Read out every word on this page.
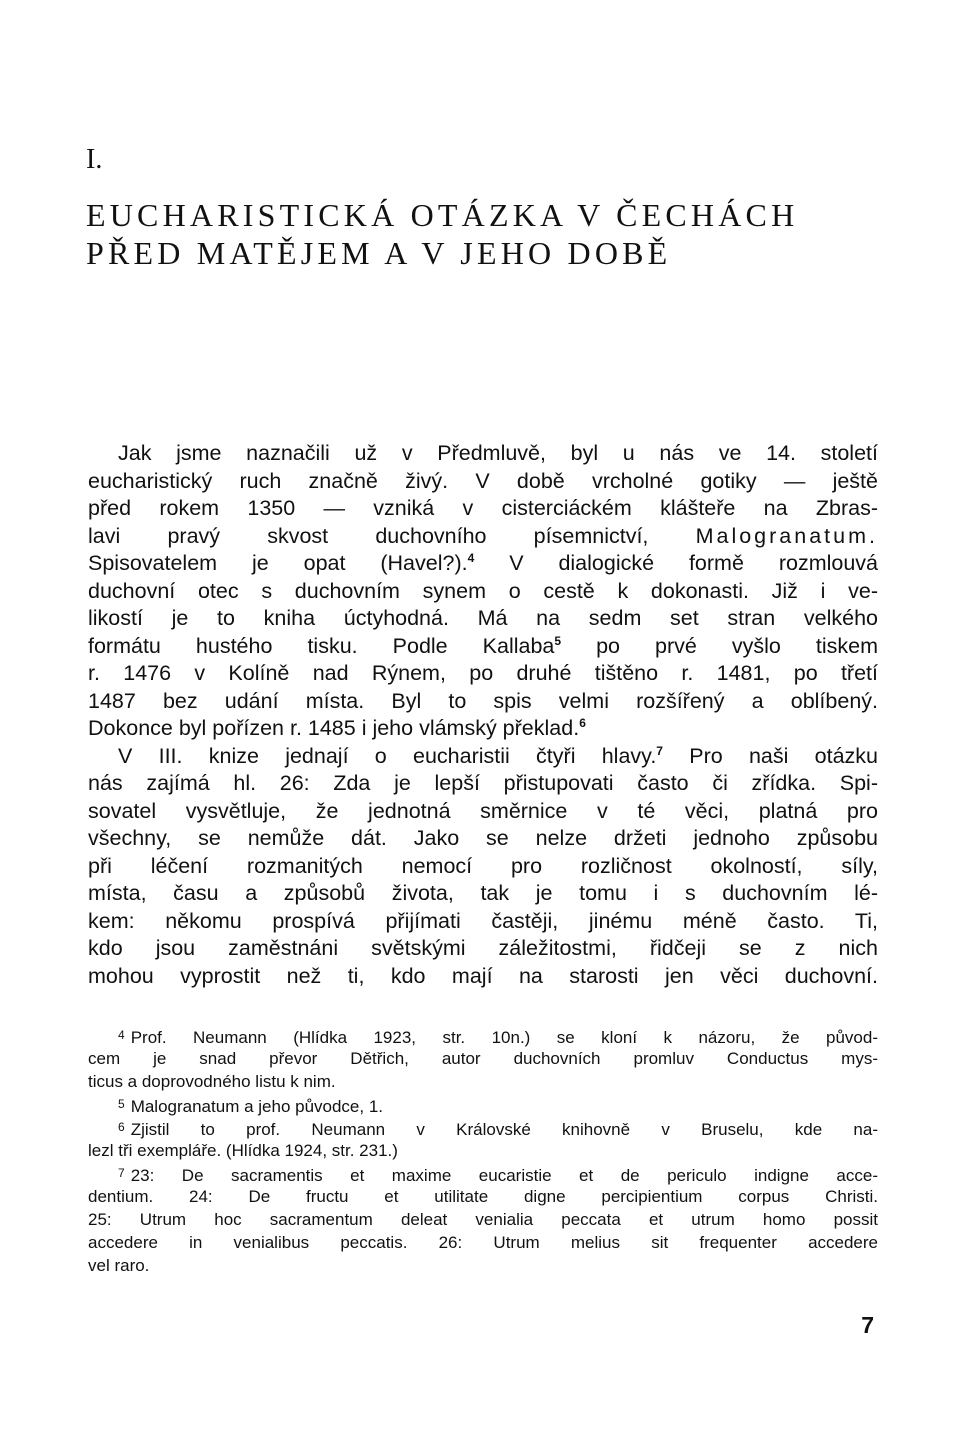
I.
EUCHARISTICKÁ OTÁZKA V ČECHÁCH
PŘED MATĚJEM A V JEHO DOBĚ
Jak jsme naznačili už v Předmluvě, byl u nás ve 14. století
eucharistický ruch značně živý. V době vrcholné gotiky — ještě
před rokem 1350 — vzniká v cisterciáckém klášteře na Zbras-
lavi pravý skvost duchovního písemnictví, Malogranatum.
Spisovatelem je opat (Havel?).$^4$ V dialogické formě rozmlouvá
duchovní otec s duchovním synem o cestě k dokonasti. Již i ve-
likostí je to kniha úctyhodná. Má na sedm set stran velkého
formátu hustého tisku. Podle Kallaba$^5$ po prvé vyšlo tiskem
r. 1476 v Kolíně nad Rýnem, po druhé tištěno r. 1481, po třetí
1487 bez udání místa. Byl to spis velmi rozšířený a oblíbený.
Dokonce byl pořízen r. 1485 i jeho vlámský překlad.$^6$
V III. knize jednají o eucharistii čtyři hlavy.$^7$ Pro naši otázku
nás zajímá hl. 26: Zda je lepší přistupovati často či zřídka. Spi-
sovatel vysvětluje, že jednotná směrnice v té věci, platná pro
všechny, se nemůže dát. Jako se nelze držeti jednoho způsobu
při léčení rozmanitých nemocí pro rozličnost okolností, síly,
místa, času a způsobů života, tak je tomu i s duchovním lé-
kem: někomu prospívá přijímati častěji, jinému méně často. Ti,
kdo jsou zaměstnáni světskými záležitostmi, řidčeji se z nich
mohou vyprostit než ti, kdo mají na starosti jen věci duchovní.
$^4$ Prof. Neumann (Hlídka 1923, str. 10n.) se kloní k názoru, že původ-
cem je snad převor Dětřich, autor duchovních promluv Conductus mys-
ticus a doprovodného listu k nim.
$^5$ Malogranatum a jeho původce, 1.
$^6$ Zjistil to prof. Neumann v Královské knihovně v Bruselu, kde na-
lezl tři exempláře. (Hlídka 1924, str. 231.)
$^7$ 23: De sacramentis et maxime eucaristie et de periculo indigne acce-
dentium. 24: De fructu et utilitate digne percipientium corpus Christi.
25: Utrum hoc sacramentum deleat venialia peccata et utrum homo possit
accedere in venialibus peccatis. 26: Utrum melius sit frequenter accedere
vel raro.
7
